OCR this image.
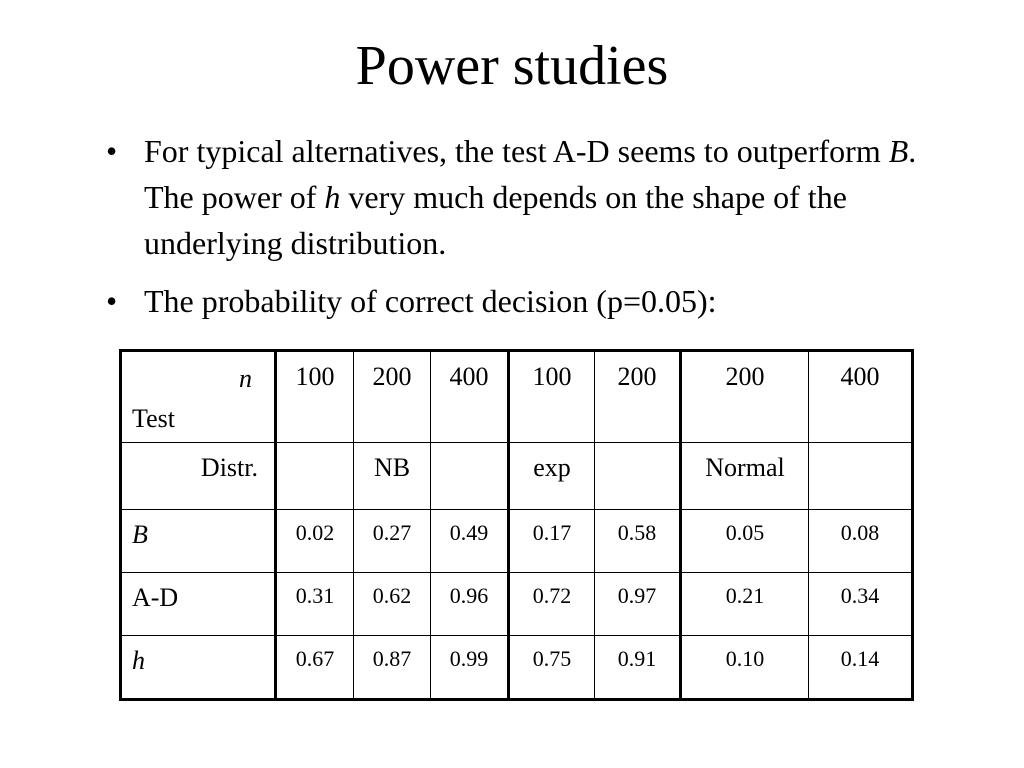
Power studies
• For typical alternatives, the test A-D seems to outperform B. The power of h very much depends on the shape of the underlying distribution.
• The probability of correct decision (p=0.05):
n
Test	100	200	400	100	200	200	400

Distr.		NB		exp		Normal	

B	0.02	0.27	0.49	0.17	0.58	0.05	0.08

A-D	0.31	0.62	0.96	0.72	0.97	0.21	0.34

h	0.67	0.87	0.99	0.75	0.91	0.10	0.14
